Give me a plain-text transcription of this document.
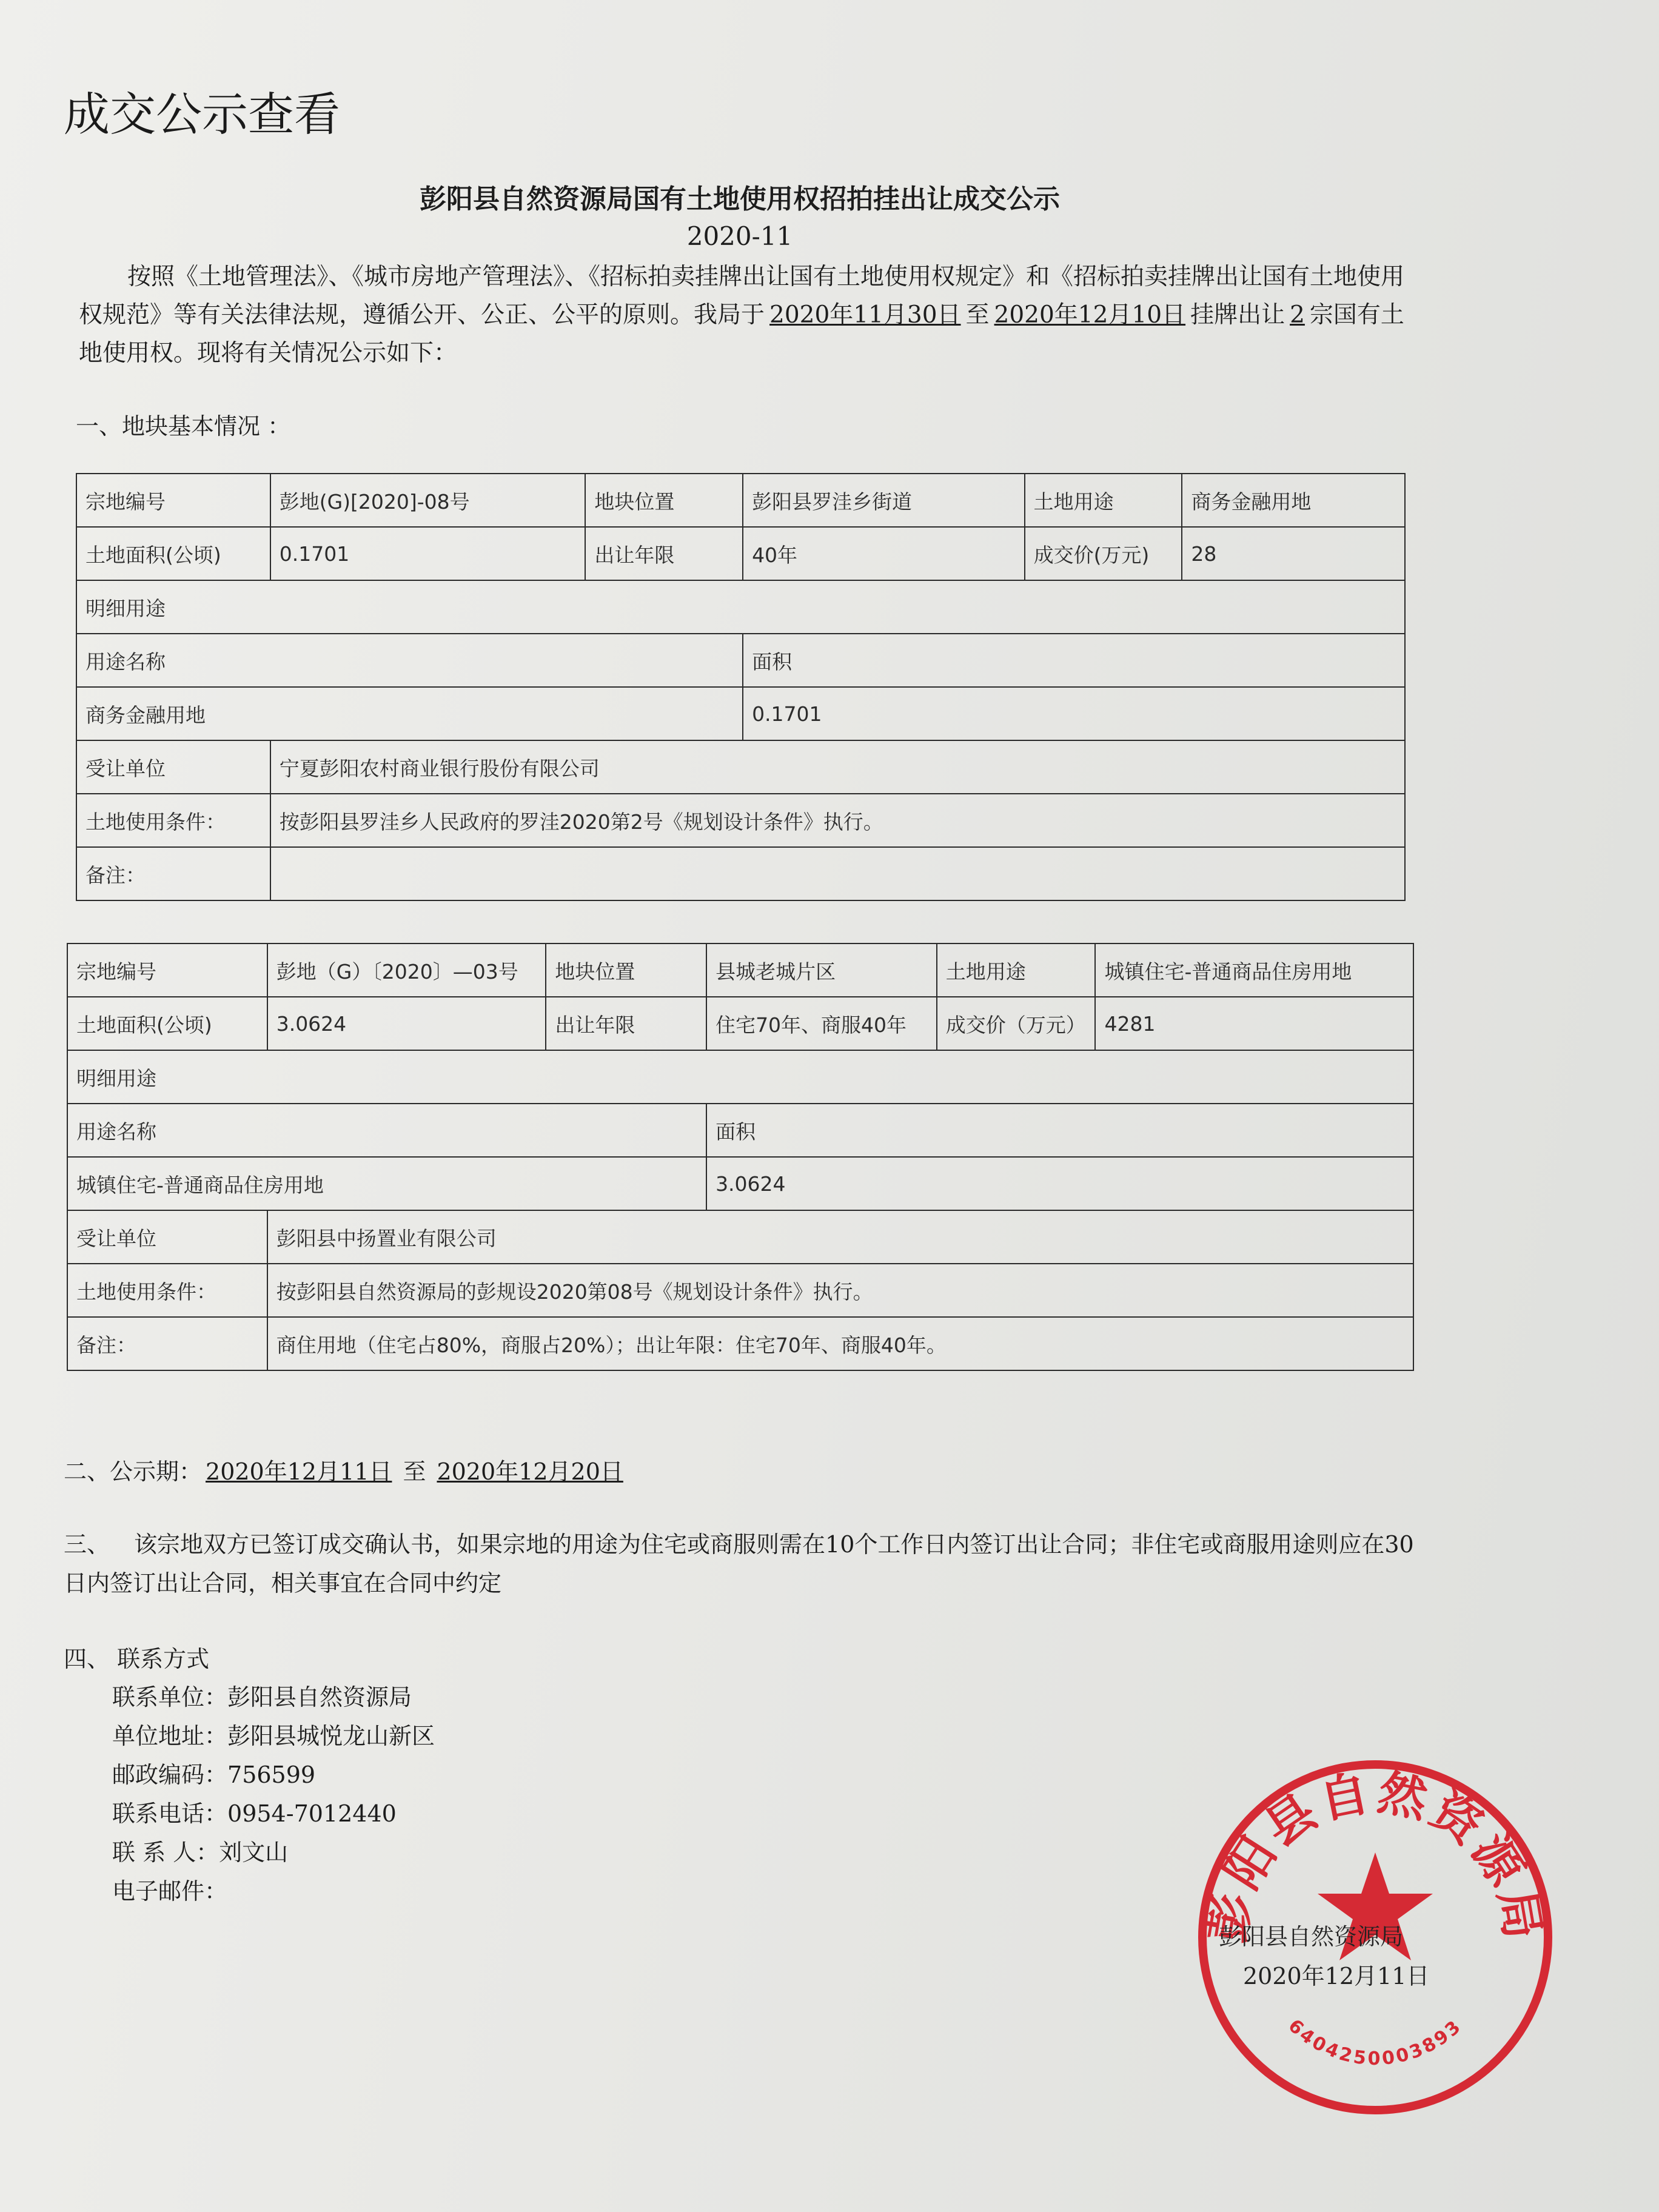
成交公示查看
彭阳县自然资源局国有土地使用权招拍挂出让成交公示
2020-11
按照《土地管理法》、《城市房地产管理法》、《招标拍卖挂牌出让国有土地使用权规定》和《招标拍卖挂牌出让国有土地使用权规范》等有关法律法规，遵循公开、公正、公平的原则。我局于 2020年11月30日 至 2020年12月10日 挂牌出让 2 宗国有土地使用权。现将有关情况公示如下：
一、地块基本情况 ：
宗地编号	彭地(G)[2020]-08号	地块位置	彭阳县罗洼乡街道	土地用途	商务金融用地
土地面积(公顷)	0.1701	出让年限	40年	成交价(万元)	28
明细用途					
用途名称			面积		
商务金融用地			0.1701		
受让单位	宁夏彭阳农村商业银行股份有限公司				
土地使用条件：	按彭阳县罗洼乡人民政府的罗洼2020第2号《规划设计条件》执行。				
备注：					
宗地编号	彭地（G）〔2020〕—03号	地块位置	县城老城片区	土地用途	城镇住宅-普通商品住房用地
土地面积(公顷)	3.0624	出让年限	住宅70年、商服40年	成交价（万元）	4281
明细用途					
用途名称			面积		
城镇住宅-普通商品住房用地			3.0624		
受让单位	彭阳县中扬置业有限公司				
土地使用条件：	按彭阳县自然资源局的彭规设2020第08号《规划设计条件》执行。				
备注：	商住用地（住宅占80%，商服占20%）；出让年限：住宅70年、商服40年。				
二、公示期： 2020年12月11日 至 2020年12月20日
三、 该宗地双方已签订成交确认书，如果宗地的用途为住宅或商服则需在10个工作日内签订出让合同；非住宅或商服用途则应在30日内签订出让合同，相关事宜在合同中约定
四、 联系方式
联系单位：彭阳县自然资源局
单位地址：彭阳县城悦龙山新区
邮政编码：756599
联系电话：0954-7012440
联 系 人：刘文山
电子邮件：	彭阳县自然资源局
6404250003893
彭阳县自然资源局
2020年12月11日
